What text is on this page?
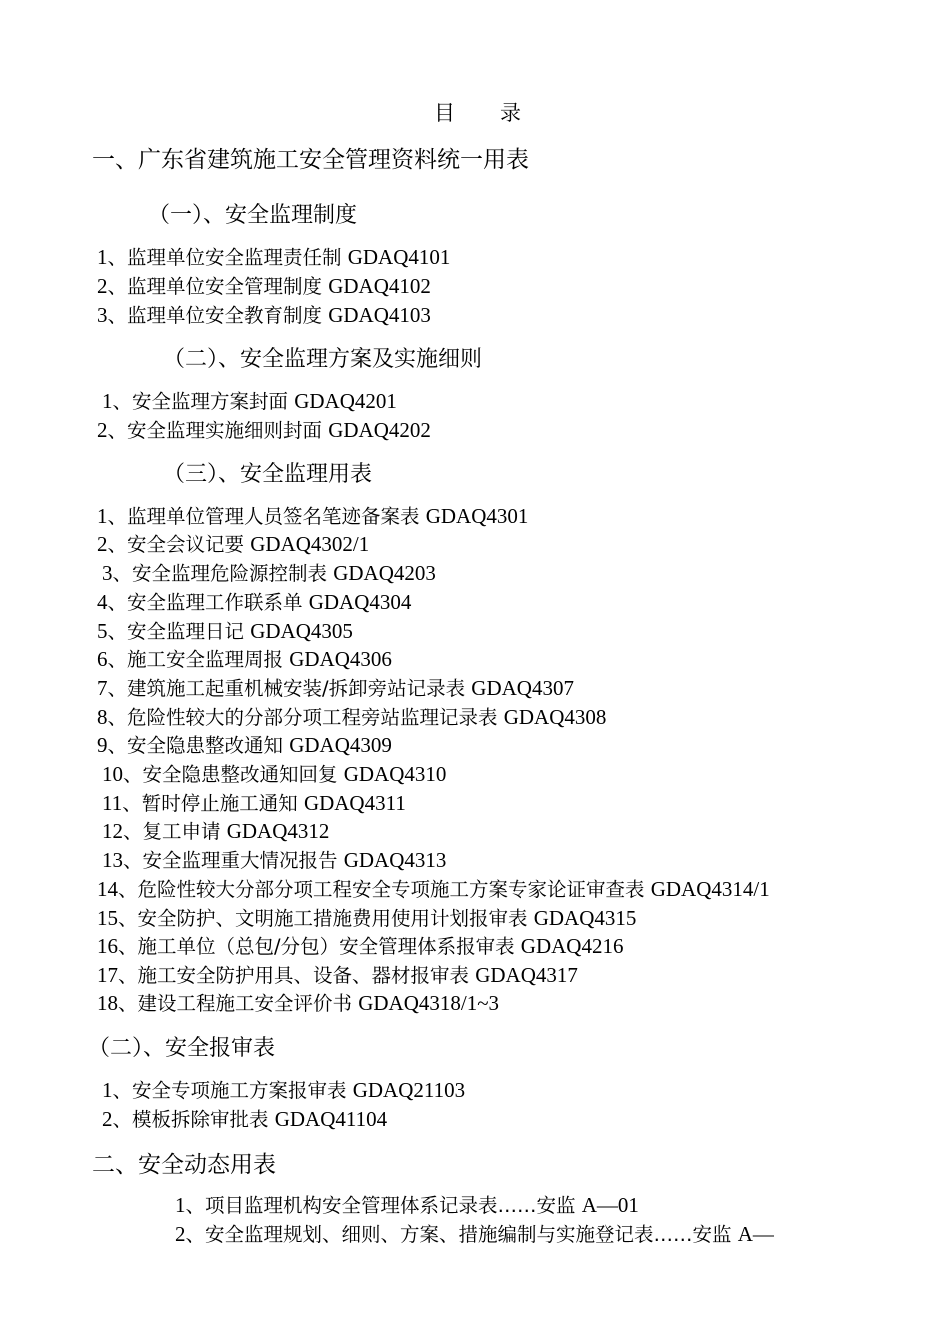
目 录
一、广东省建筑施工安全管理资料统一用表
（一）、安全监理制度
1、监理单位安全监理责任制 GDAQ4101
2、监理单位安全管理制度 GDAQ4102
3、监理单位安全教育制度 GDAQ4103
（二）、安全监理方案及实施细则
1、安全监理方案封面 GDAQ4201
2、安全监理实施细则封面 GDAQ4202
（三）、安全监理用表
1、监理单位管理人员签名笔迹备案表 GDAQ4301
2、安全会议记要 GDAQ4302/1
3、安全监理危险源控制表 GDAQ4203
4、安全监理工作联系单 GDAQ4304
5、安全监理日记 GDAQ4305
6、施工安全监理周报 GDAQ4306
7、建筑施工起重机械安装/拆卸旁站记录表 GDAQ4307
8、危险性较大的分部分项工程旁站监理记录表 GDAQ4308
9、安全隐患整改通知 GDAQ4309
10、安全隐患整改通知回复 GDAQ4310
11、暂时停止施工通知 GDAQ4311
12、复工申请 GDAQ4312
13、安全监理重大情况报告 GDAQ4313
14、危险性较大分部分项工程安全专项施工方案专家论证审查表 GDAQ4314/1
15、安全防护、文明施工措施费用使用计划报审表 GDAQ4315
16、施工单位（总包/分包）安全管理体系报审表 GDAQ4216
17、施工安全防护用具、设备、器材报审表 GDAQ4317
18、建设工程施工安全评价书 GDAQ4318/1~3
（二）、安全报审表
1、安全专项施工方案报审表 GDAQ21103
2、模板拆除审批表 GDAQ41104
二、安全动态用表
1、项目监理机构安全管理体系记录表……安监 A—01
2、安全监理规划、细则、方案、措施编制与实施登记表……安监 A—
